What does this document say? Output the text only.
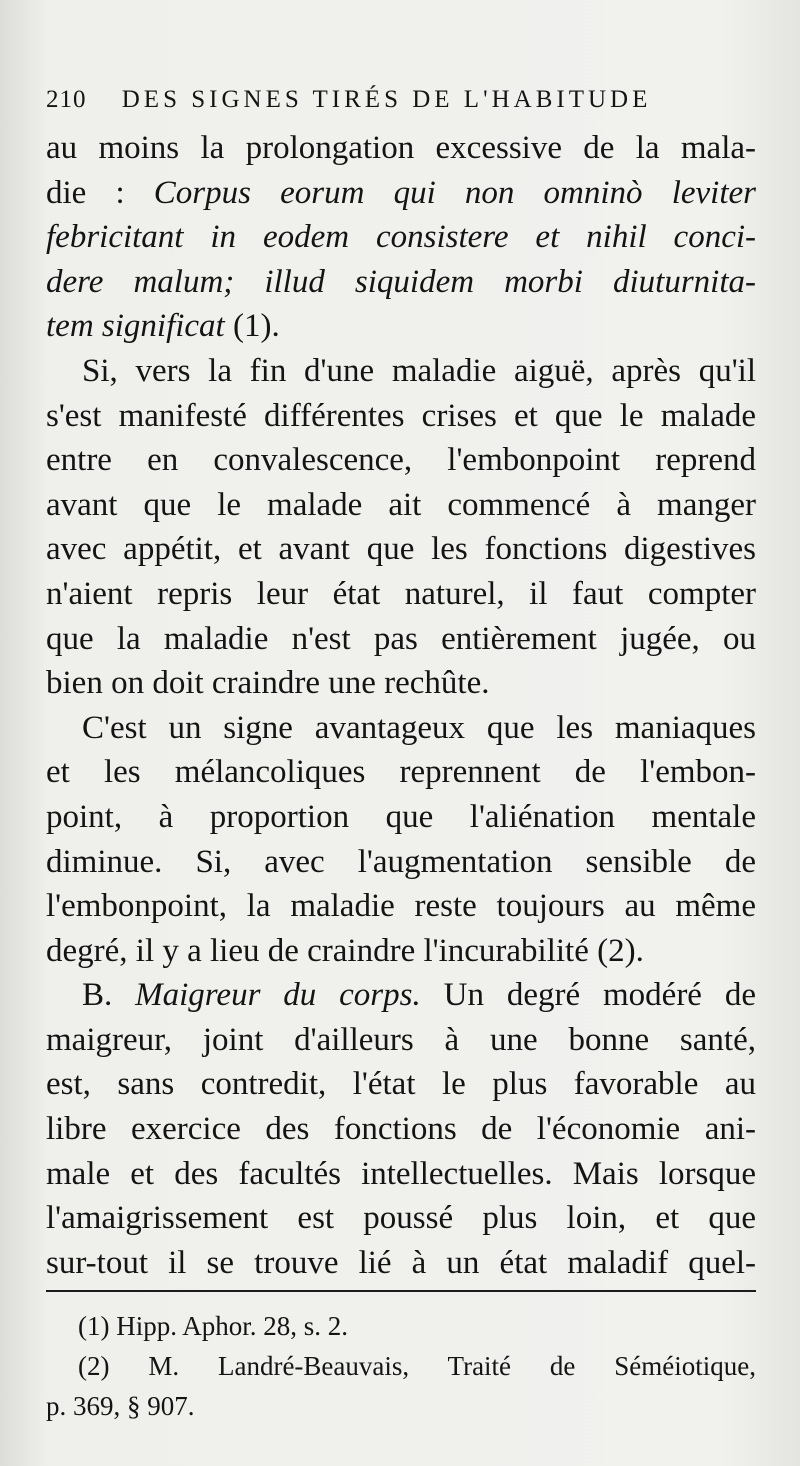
210 DES SIGNES TIRÉS DE L'HABITUDE
au moins la prolongation excessive de la mala-
die : Corpus eorum qui non omninò leviter
febricitant in eodem consistere et nihil conci-
dere malum; illud siquidem morbi diuturnita-
tem significat (1).
Si, vers la fin d'une maladie aiguë, après qu'il
s'est manifesté différentes crises et que le malade
entre en convalescence, l'embonpoint reprend
avant que le malade ait commencé à manger
avec appétit, et avant que les fonctions digestives
n'aient repris leur état naturel, il faut compter
que la maladie n'est pas entièrement jugée, ou
bien on doit craindre une rechûte.
C'est un signe avantageux que les maniaques
et les mélancoliques reprennent de l'embon-
point, à proportion que l'aliénation mentale
diminue. Si, avec l'augmentation sensible de
l'embonpoint, la maladie reste toujours au même
degré, il y a lieu de craindre l'incurabilité (2).
B. Maigreur du corps. Un degré modéré de
maigreur, joint d'ailleurs à une bonne santé,
est, sans contredit, l'état le plus favorable au
libre exercice des fonctions de l'économie ani-
male et des facultés intellectuelles. Mais lorsque
l'amaigrissement est poussé plus loin, et que
sur-tout il se trouve lié à un état maladif quel-
(1) Hipp. Aphor. 28, s. 2.
(2) M. Landré-Beauvais, Traité de Séméiotique,
p. 369, § 907.
